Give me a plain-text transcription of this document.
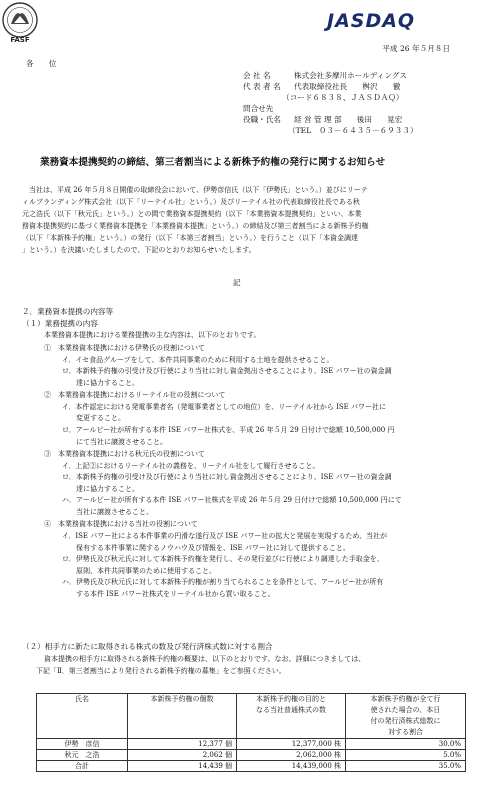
FASF
JASDAQ
平成 26 年５月８日
各　　位
会 社 名	株式会社多摩川ホールディングス
代 表 者 名 代表取締役社長　　桝沢　　徹
（コード６８３８、ＪＡＳＤＡＱ）
問合せ先
役職・氏名 経 営 管 理 部　　後田　　晃宏
（TEL　０３－６４３５－６９３３）
業務資本提携契約の締結、第三者割当による新株予約権の発行に関するお知らせ
　当社は、平成 26 年５月８日開催の取締役会において、伊勢彦信氏（以下「伊勢氏」という。）並びにリーテ
ィルブランディング株式会社（以下「リーテイル社」という。）及びリーテイル社の代表取締役社長である秋
元之浩氏（以下「秋元氏」という。）との間で業務資本提携契約（以下「本業務資本提携契約」といい、本業
務資本提携契約に基づく業務資本提携を「本業務資本提携」という。）の締結及び第三者割当による新株予約権
（以下「本新株予約権」という。）の発行（以下「本第三者割当」という。）を行うこと（以下「本資金調達
」という。）を決議いたしましたので、下記のとおりお知らせいたします。
記
２．業務資本提携の内容等
（１）業務提携の内容
本業務資本提携における業務提携の主な内容は、以下のとおりです。
①　本業務資本提携における伊勢氏の役割について
イ．イセ食品グループをして、本件共同事業のために利用する土地を提供させること。
ロ．本新株予約権の引受け及び行使により当社に対し資金拠出させることにより、ISE パワー社の資金調
　　達に協力すること。
②　本業務資本提携におけるリーテイル社の役割について
イ．本件認定における発電事業者名（発電事業者としての地位）を、リーテイル社から ISE パワー社に
　　変更すること。
ロ．アールピー社が所有する本件 ISE パワー社株式を、平成 26 年５月 29 日付けで総額 10,500,000 円
　　にて当社に譲渡させること。
③　本業務資本提携における秋元氏の役割について
イ．上記②におけるリーテイル社の義務を、リーテイル社をして履行させること。
ロ．本新株予約権の引受け及び行使により当社に対し資金拠出させることにより、ISE パワー社の資金調
　　達に協力すること。
ハ．アールピー社が所有する本件 ISE パワー社株式を平成 26 年５月 29 日付けで総額 10,500,000 円にて
　　当社に譲渡させること。
④　本業務資本提携における当社の役割について
イ．ISE パワー社による本件事業の円滑な遂行及び ISE パワー社の拡大と発展を実現するため、当社が
　　保有する本件事業に関するノウハウ及び情報を、ISE パワー社に対して提供すること。
ロ．伊勢氏及び秋元氏に対して本新株予約権を発行し、その発行並びに行使により調達した手取金を、
　　原則、本件共同事業のために使用すること。
ハ．伊勢氏及び秋元氏に対して本新株予約権が割り当てられることを条件として、アールピー社が所有
　　する本件 ISE パワー社株式をリーテイル社から買い取ること。
（２）相手方に新たに取得される株式の数及び発行済株式数に対する割合
資本提携の相手方に取得される新株予約権の概要は、以下のとおりです。なお、詳細につきましては、
下記「Ⅱ．第三者割当により発行される新株予約権の募集」をご参照ください。
氏名	本新株予約権の個数	本新株予約権の目的と
なる当社普通株式の数	本新株予約権が全て行
使された場合の、本日
付の発行済株式総数に
対する割合
伊勢　彦信	12,377 個	12,377,000 株	30.0%
秋元　之浩	2,062 個	2,062,000 株	5.0%
合計	14,439 個	14,439,000 株	35.0%
